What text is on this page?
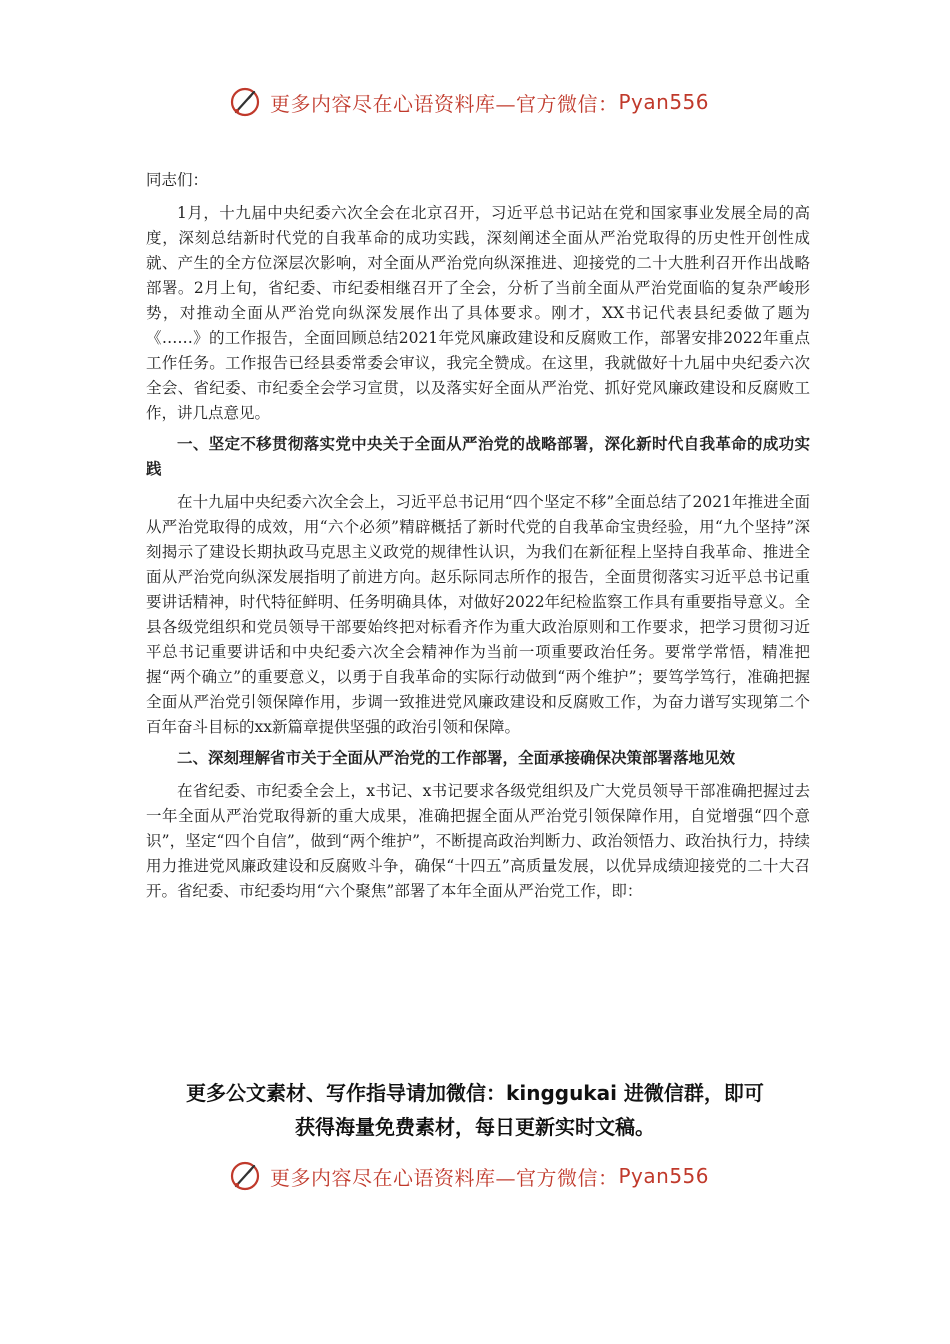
更多内容尽在心语资料库—官方微信： Pyan556

同志们：

1月，十九届中央纪委六次全会在北京召开，习近平总书记站在党和国家事业发展全局的高度，深刻总结新时代党的自我革命的成功实践，深刻阐述全面从严治党取得的历史性开创性成就、产生的全方位深层次影响，对全面从严治党向纵深推进、迎接党的二十大胜利召开作出战略部署。2月上旬，省纪委、市纪委相继召开了全会，分析了当前全面从严治党面临的复杂严峻形势，对推动全面从严治党向纵深发展作出了具体要求。刚才，XX书记代表县纪委做了题为《……》的工作报告，全面回顾总结2021年党风廉政建设和反腐败工作，部署安排2022年重点工作任务。工作报告已经县委常委会审议，我完全赞成。在这里，我就做好十九届中央纪委六次全会、省纪委、市纪委全会学习宣贯，以及落实好全面从严治党、抓好党风廉政建设和反腐败工作，讲几点意见。

一、坚定不移贯彻落实党中央关于全面从严治党的战略部署，深化新时代自我革命的成功实践

在十九届中央纪委六次全会上，习近平总书记用“四个坚定不移”全面总结了2021年推进全面从严治党取得的成效，用“六个必须”精辟概括了新时代党的自我革命宝贵经验，用“九个坚持”深刻揭示了建设长期执政马克思主义政党的规律性认识，为我们在新征程上坚持自我革命、推进全面从严治党向纵深发展指明了前进方向。赵乐际同志所作的报告，全面贯彻落实习近平总书记重要讲话精神，时代特征鲜明、任务明确具体，对做好2022年纪检监察工作具有重要指导意义。全县各级党组织和党员领导干部要始终把对标看齐作为重大政治原则和工作要求，把学习贯彻习近平总书记重要讲话和中央纪委六次全会精神作为当前一项重要政治任务。要常学常悟，精准把握“两个确立”的重要意义，以勇于自我革命的实际行动做到“两个维护”；要笃学笃行，准确把握全面从严治党引领保障作用，步调一致推进党风廉政建设和反腐败工作，为奋力谱写实现第二个百年奋斗目标的xx新篇章提供坚强的政治引领和保障。

二、深刻理解省市关于全面从严治党的工作部署，全面承接确保决策部署落地见效

在省纪委、市纪委全会上，x书记、x书记要求各级党组织及广大党员领导干部准确把握过去一年全面从严治党取得新的重大成果，准确把握全面从严治党引领保障作用，自觉增强“四个意识”，坚定“四个自信”，做到“两个维护”，不断提高政治判断力、政治领悟力、政治执行力，持续用力推进党风廉政建设和反腐败斗争，确保“十四五”高质量发展，以优异成绩迎接党的二十大召开。省纪委、市纪委均用“六个聚焦”部署了本年全面从严治党工作，即：

更多公文素材、写作指导请加微信：kinggukai 进微信群，即可
获得海量免费素材，每日更新实时文稿。
更多内容尽在心语资料库—官方微信： Pyan556
